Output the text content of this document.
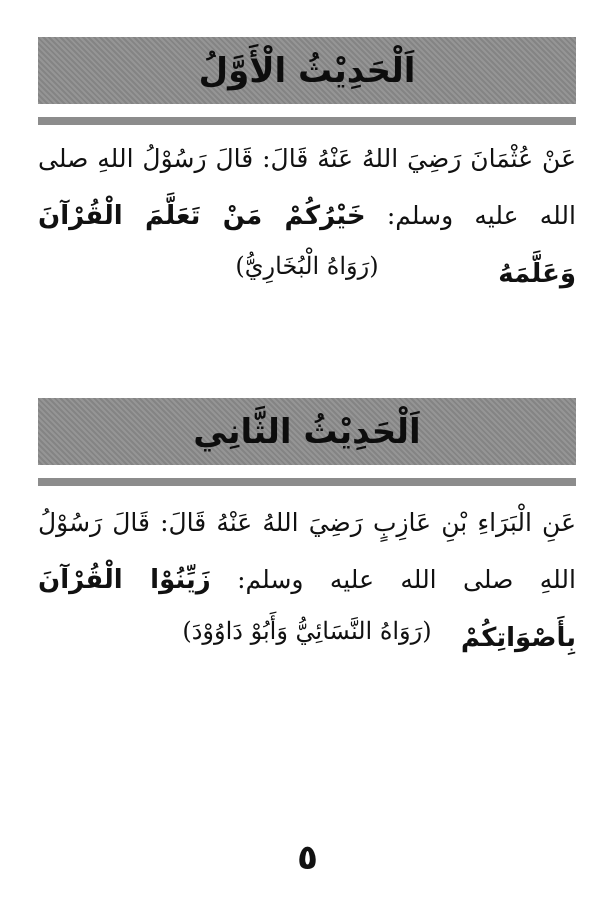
اَلْحَدِيْثُ الْأَوَّلُ
عَنْ عُثْمَانَ رَضِيَ اللهُ عَنْهُ قَالَ: قَالَ رَسُوْلُ اللهِ صلى الله عليه وسلم: خَيْرُكُمْ مَنْ تَعَلَّمَ الْقُرْآنَ وَعَلَّمَهُ
(رَوَاهُ الْبُخَارِيُّ)
اَلْحَدِيْثُ الثَّانِي
عَنِ الْبَرَاءِ بْنِ عَازِبٍ رَضِيَ اللهُ عَنْهُ قَالَ: قَالَ رَسُوْلُ اللهِ صلى الله عليه وسلم: زَيِّنُوْا الْقُرْآنَ بِأَصْوَاتِكُمْ
(رَوَاهُ النَّسَائِيُّ وَأَبُوْ دَاوُوْدَ)
٥
